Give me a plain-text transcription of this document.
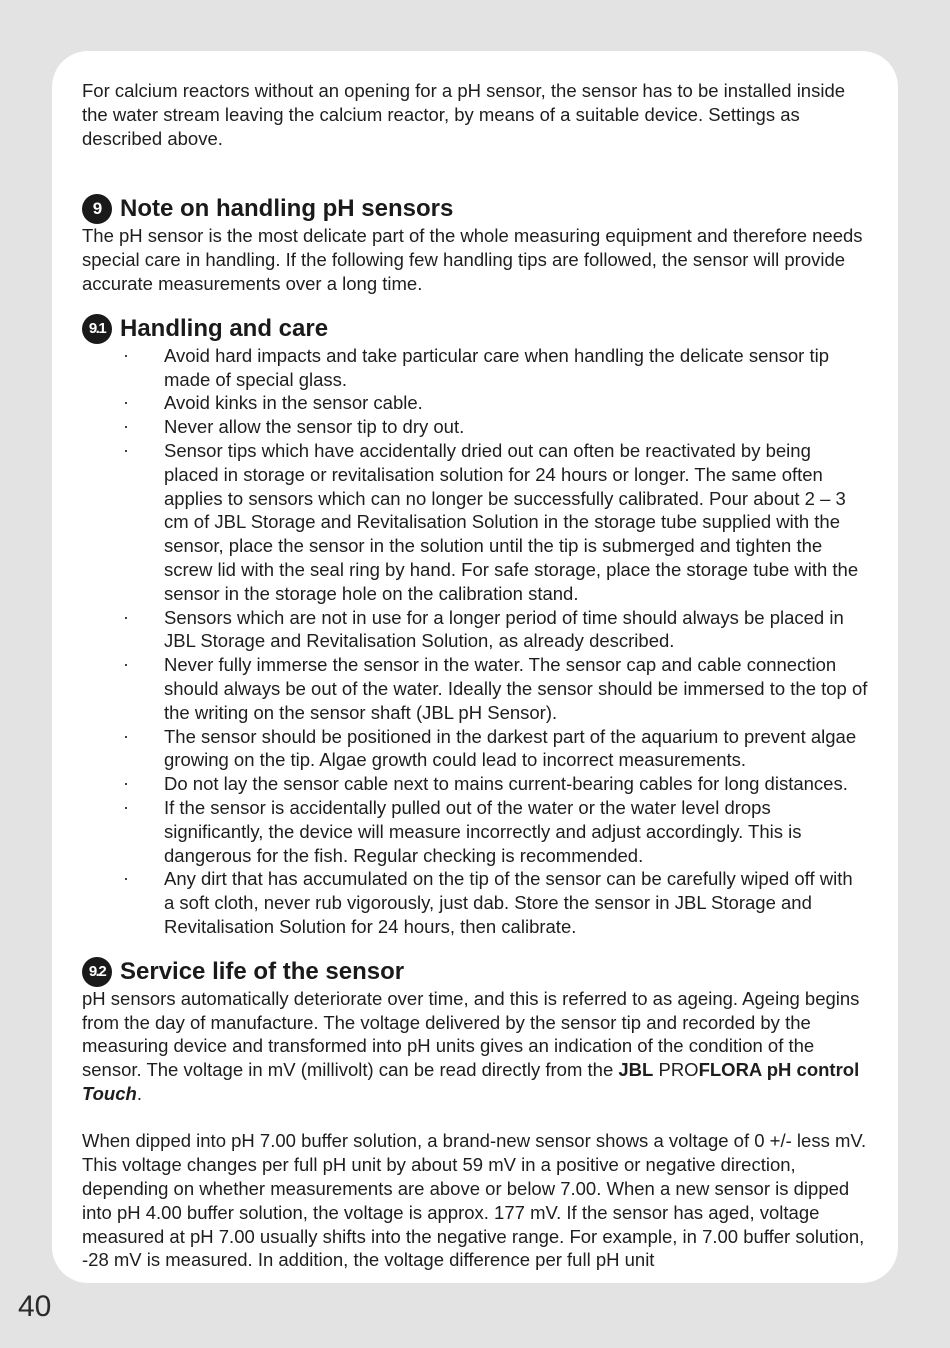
For calcium reactors without an opening for a pH sensor, the sensor has to be installed inside the water stream leaving the calcium reactor, by means of a suitable device. Settings as described above.

9 Note on handling pH sensors

The pH sensor is the most delicate part of the whole measuring equipment and therefore needs special care in handling. If the following few handling tips are followed, the sensor will provide accurate measurements over a long time.

9.1 Handling and care
· Avoid hard impacts and take particular care when handling the delicate sensor tip made of special glass.
· Avoid kinks in the sensor cable.
· Never allow the sensor tip to dry out.
· Sensor tips which have accidentally dried out can often be reactivated by being placed in storage or revitalisation solution for 24 hours or longer. The same often applies to sensors which can no longer be successfully calibrated. Pour about 2 – 3 cm of JBL Storage and Revitalisation Solution in the storage tube supplied with the sensor, place the sensor in the solution until the tip is submerged and tighten the screw lid with the seal ring by hand. For safe storage, place the storage tube with the sensor in the storage hole on the calibration stand.
· Sensors which are not in use for a longer period of time should always be placed in JBL Storage and Revitalisation Solution, as already described.
· Never fully immerse the sensor in the water. The sensor cap and cable connection should always be out of the water. Ideally the sensor should be immersed to the top of the writing on the sensor shaft (JBL pH Sensor).
· The sensor should be positioned in the darkest part of the aquarium to prevent algae growing on the tip. Algae growth could lead to incorrect measurements.
· Do not lay the sensor cable next to mains current-bearing cables for long distances.
· If the sensor is accidentally pulled out of the water or the water level drops significantly, the device will measure incorrectly and adjust accordingly. This is dangerous for the fish. Regular checking is recommended.
· Any dirt that has accumulated on the tip of the sensor can be carefully wiped off with a soft cloth, never rub vigorously, just dab. Store the sensor in JBL Storage and Revitalisation Solution for 24 hours, then calibrate.
9.2 Service life of the sensor

pH sensors automatically deteriorate over time, and this is referred to as ageing. Ageing begins from the day of manufacture. The voltage delivered by the sensor tip and recorded by the measuring device and transformed into pH units gives an indication of the condition of the sensor. The voltage in mV (millivolt) can be read directly from the JBL PROFLORA pH control Touch.

When dipped into pH 7.00 buffer solution, a brand-new sensor shows a voltage of 0 +/- less mV. This voltage changes per full pH unit by about 59 mV in a positive or negative direction, depending on whether measurements are above or below 7.00. When a new sensor is dipped into pH 4.00 buffer solution, the voltage is approx. 177 mV. If the sensor has aged, voltage measured at pH 7.00 usually shifts into the negative range. For example, in 7.00 buffer solution, -28 mV is measured. In addition, the voltage difference per full pH unit

40
